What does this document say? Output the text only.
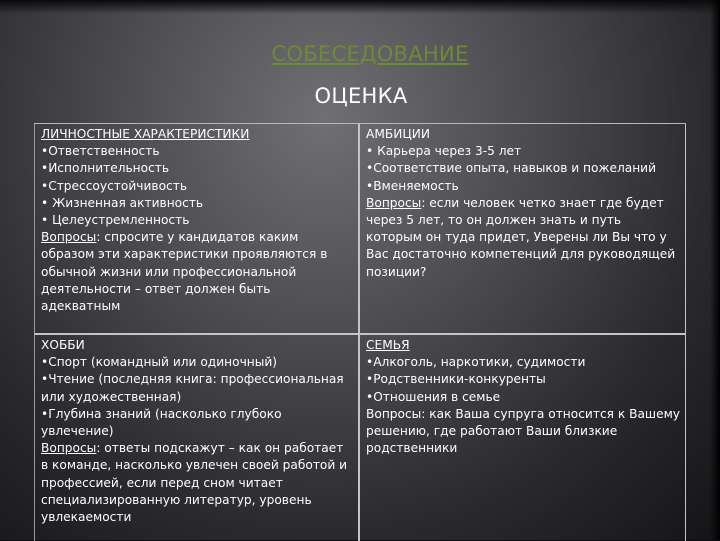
СОБЕСЕДОВАНИЕ
ОЦЕНКА
ЛИЧНОСТНЫЕ ХАРАКТЕРИСТИКИ
•Ответственность
•Исполнительность
•Стрессоустойчивость
• Жизненная активность
• Целеустремленность
Вопросы: спросите у кандидатов каким образом эти характеристики проявляются в обычной жизни или профессиональной деятельности – ответ должен быть адекватным
АМБИЦИИ
• Карьера через 3-5 лет
•Соответствие опыта, навыков и пожеланий
•Вменяемость
Вопросы: если человек четко знает где будет через 5 лет, то он должен знать и путь которым он туда придет, Уверены ли Вы что у Вас достаточно компетенций для руководящей позиции?
ХОББИ
•Спорт (командный или одиночный)
•Чтение (последняя книга: профессиональная или художественная)
•Глубина знаний (насколько глубоко увлечение)
Вопросы: ответы подскажут – как он работает в команде, насколько увлечен своей работой и профессией, если перед сном читает специализированную литератур, уровень увлекаемости
СЕМЬЯ
•Алкоголь, наркотики, судимости
•Родственники-конкуренты
•Отношения в семье
Вопросы: как Ваша супруга относится к Вашему решению, где работают Ваши близкие родственники
